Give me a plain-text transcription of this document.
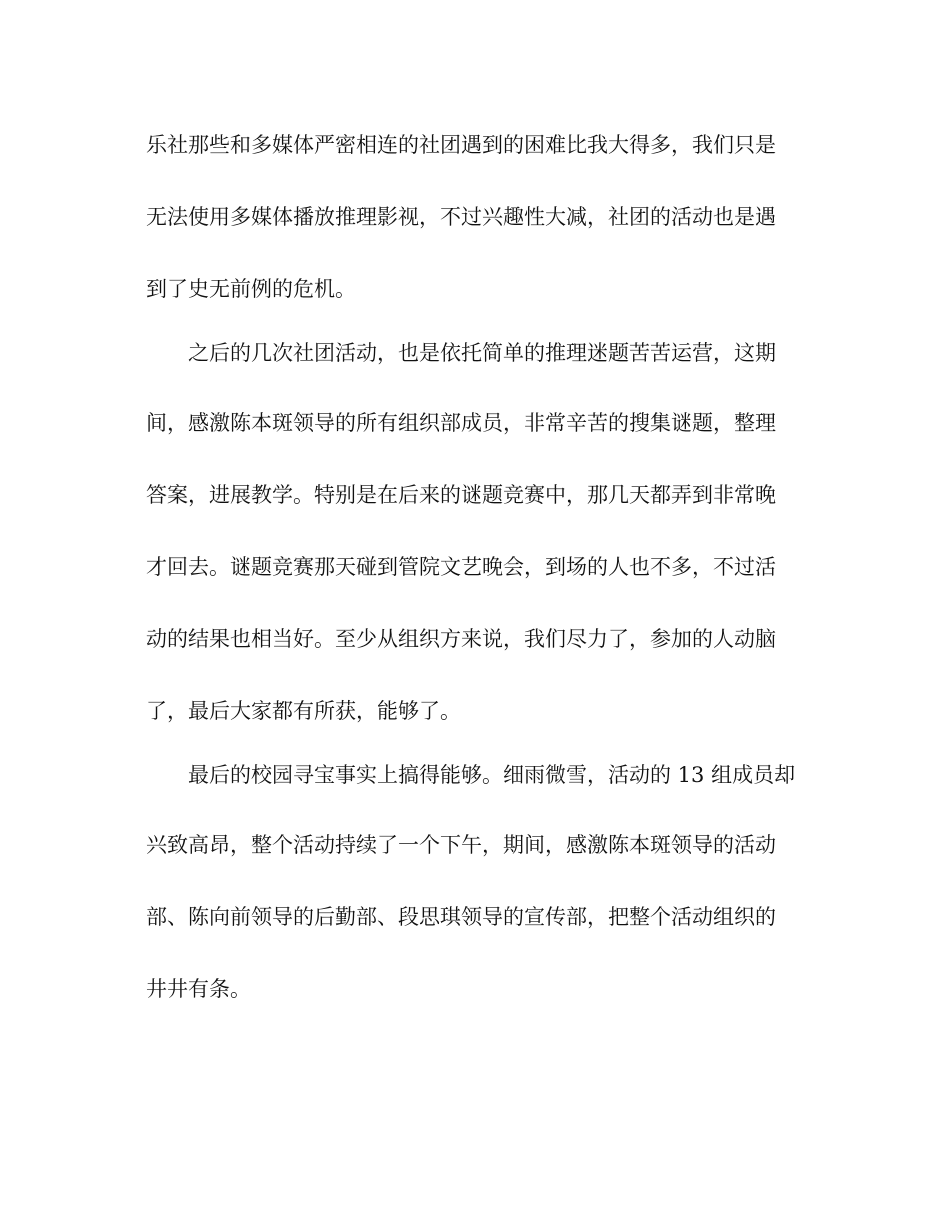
乐社那些和多媒体严密相连的社团遇到的困难比我大得多，我们只是
无法使用多媒体播放推理影视，不过兴趣性大减，社团的活动也是遇
到了史无前例的危机。
之后的几次社团活动，也是依托简单的推理迷题苦苦运营，这期
间，感激陈本斑领导的所有组织部成员，非常辛苦的搜集谜题，整理
答案，进展教学。特别是在后来的谜题竞赛中，那几天都弄到非常晚
才回去。谜题竞赛那天碰到管院文艺晚会，到场的人也不多，不过活
动的结果也相当好。至少从组织方来说，我们尽力了，参加的人动脑
了，最后大家都有所获，能够了。
最后的校园寻宝事实上搞得能够。细雨微雪，活动的 13 组成员却
兴致高昂，整个活动持续了一个下午，期间，感激陈本斑领导的活动
部、陈向前领导的后勤部、段思琪领导的宣传部，把整个活动组织的
井井有条。
